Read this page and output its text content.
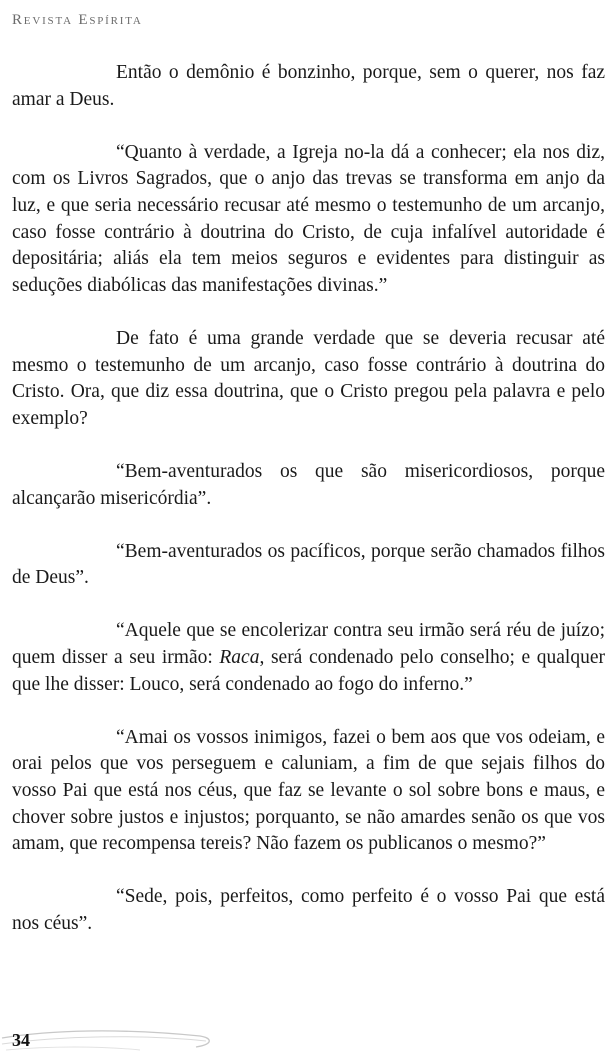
Revista Espírita

Então o demônio é bonzinho, porque, sem o querer, nos faz amar a Deus.

“Quanto à verdade, a Igreja no-la dá a conhecer; ela nos diz, com os Livros Sagrados, que o anjo das trevas se transforma em anjo da luz, e que seria necessário recusar até mesmo o testemunho de um arcanjo, caso fosse contrário à doutrina do Cristo, de cuja infalível autoridade é depositária; aliás ela tem meios seguros e evidentes para distinguir as seduções diabólicas das manifestações divinas.”

De fato é uma grande verdade que se deveria recusar até mesmo o testemunho de um arcanjo, caso fosse contrário à doutrina do Cristo. Ora, que diz essa doutrina, que o Cristo pregou pela palavra e pelo exemplo?

“Bem-aventurados os que são misericordiosos, porque alcançarão misericórdia”.

“Bem-aventurados os pacíficos, porque serão chamados filhos de Deus”.

“Aquele que se encolerizar contra seu irmão será réu de juízo; quem disser a seu irmão: Raca, será condenado pelo conselho; e qualquer que lhe disser: Louco, será condenado ao fogo do inferno.”

“Amai os vossos inimigos, fazei o bem aos que vos odeiam, e orai pelos que vos perseguem e caluniam, a fim de que sejais filhos do vosso Pai que está nos céus, que faz se levante o sol sobre bons e maus, e chover sobre justos e injustos; porquanto, se não amardes senão os que vos amam, que recompensa tereis? Não fazem os publicanos o mesmo?”

“Sede, pois, perfeitos, como perfeito é o vosso Pai que está nos céus”.

34
